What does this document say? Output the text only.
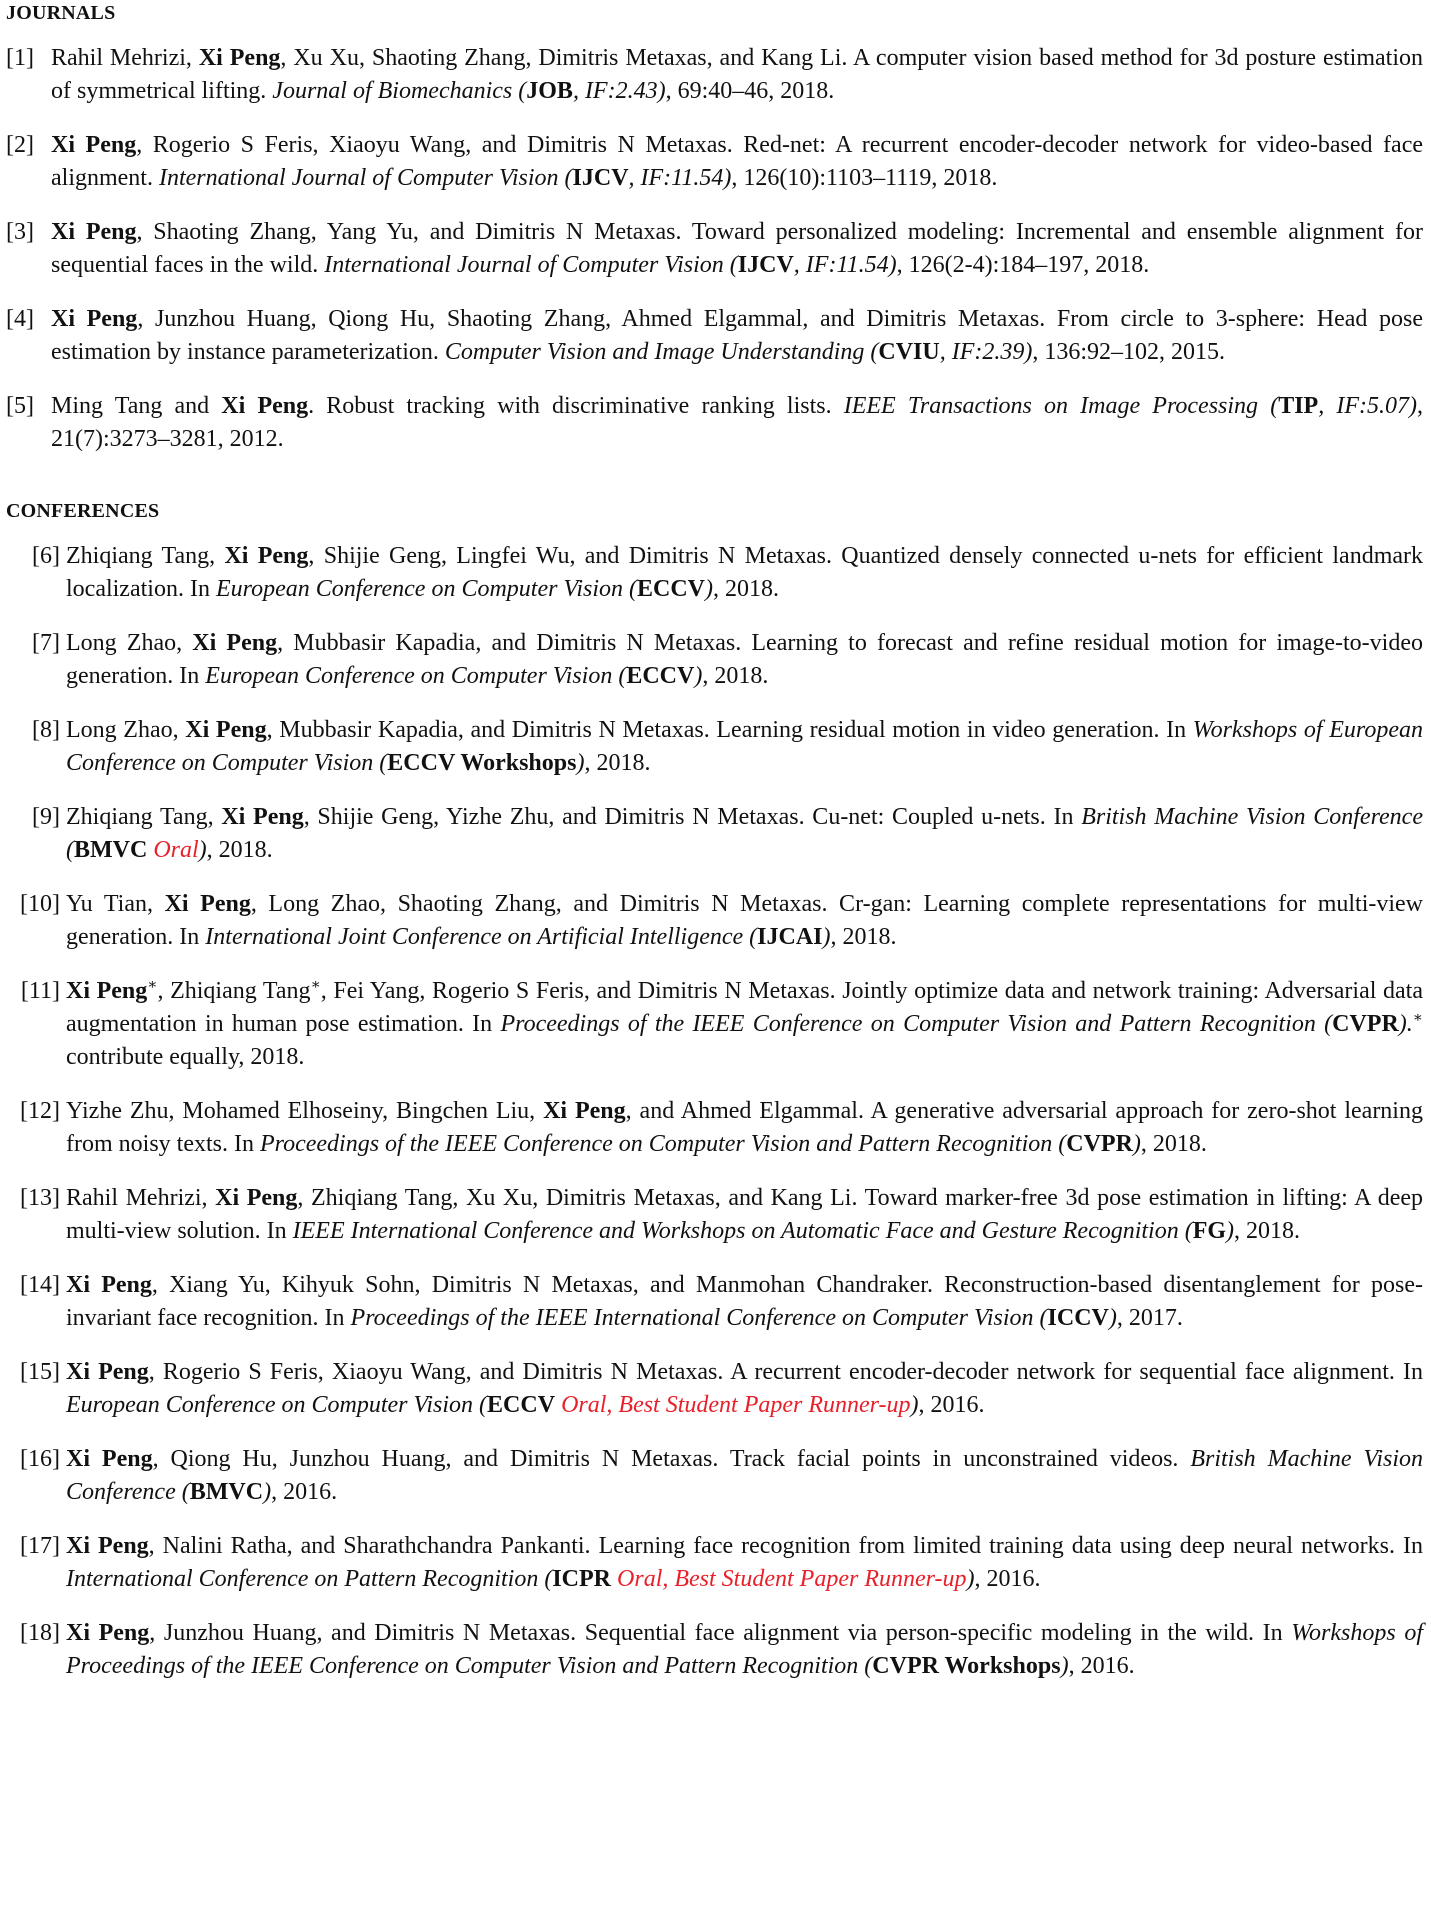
JOURNALS
[1] Rahil Mehrizi, Xi Peng, Xu Xu, Shaoting Zhang, Dimitris Metaxas, and Kang Li. A computer vision based method for 3d posture estimation of symmetrical lifting. Journal of Biomechanics (JOB, IF:2.43), 69:40–46, 2018.
[2] Xi Peng, Rogerio S Feris, Xiaoyu Wang, and Dimitris N Metaxas. Red-net: A recurrent encoder-decoder network for video-based face alignment. International Journal of Computer Vision (IJCV, IF:11.54), 126(10):1103–1119, 2018.
[3] Xi Peng, Shaoting Zhang, Yang Yu, and Dimitris N Metaxas. Toward personalized modeling: Incremental and ensemble alignment for sequential faces in the wild. International Journal of Computer Vision (IJCV, IF:11.54), 126(2-4):184–197, 2018.
[4] Xi Peng, Junzhou Huang, Qiong Hu, Shaoting Zhang, Ahmed Elgammal, and Dimitris Metaxas. From circle to 3-sphere: Head pose estimation by instance parameterization. Computer Vision and Image Understanding (CVIU, IF:2.39), 136:92–102, 2015.
[5] Ming Tang and Xi Peng. Robust tracking with discriminative ranking lists. IEEE Transactions on Image Processing (TIP, IF:5.07), 21(7):3273–3281, 2012.
CONFERENCES
[6] Zhiqiang Tang, Xi Peng, Shijie Geng, Lingfei Wu, and Dimitris N Metaxas. Quantized densely connected u-nets for efficient landmark localization. In European Conference on Computer Vision (ECCV), 2018.
[7] Long Zhao, Xi Peng, Mubbasir Kapadia, and Dimitris N Metaxas. Learning to forecast and refine residual motion for image-to-video generation. In European Conference on Computer Vision (ECCV), 2018.
[8] Long Zhao, Xi Peng, Mubbasir Kapadia, and Dimitris N Metaxas. Learning residual motion in video generation. In Workshops of European Conference on Computer Vision (ECCV Workshops), 2018.
[9] Zhiqiang Tang, Xi Peng, Shijie Geng, Yizhe Zhu, and Dimitris N Metaxas. Cu-net: Coupled u-nets. In British Machine Vision Conference (BMVC Oral), 2018.
[10] Yu Tian, Xi Peng, Long Zhao, Shaoting Zhang, and Dimitris N Metaxas. Cr-gan: Learning complete representations for multi-view generation. In International Joint Conference on Artificial Intelligence (IJCAI), 2018.
[11] Xi Peng∗, Zhiqiang Tang∗, Fei Yang, Rogerio S Feris, and Dimitris N Metaxas. Jointly optimize data and network training: Adversarial data augmentation in human pose estimation. In Proceedings of the IEEE Conference on Computer Vision and Pattern Recognition (CVPR).∗ contribute equally, 2018.
[12] Yizhe Zhu, Mohamed Elhoseiny, Bingchen Liu, Xi Peng, and Ahmed Elgammal. A generative adversarial approach for zero-shot learning from noisy texts. In Proceedings of the IEEE Conference on Computer Vision and Pattern Recognition (CVPR), 2018.
[13] Rahil Mehrizi, Xi Peng, Zhiqiang Tang, Xu Xu, Dimitris Metaxas, and Kang Li. Toward marker-free 3d pose estimation in lifting: A deep multi-view solution. In IEEE International Conference and Workshops on Automatic Face and Gesture Recognition (FG), 2018.
[14] Xi Peng, Xiang Yu, Kihyuk Sohn, Dimitris N Metaxas, and Manmohan Chandraker. Reconstruction-based disentanglement for pose-invariant face recognition. In Proceedings of the IEEE International Conference on Computer Vision (ICCV), 2017.
[15] Xi Peng, Rogerio S Feris, Xiaoyu Wang, and Dimitris N Metaxas. A recurrent encoder-decoder network for sequential face alignment. In European Conference on Computer Vision (ECCV Oral, Best Student Paper Runner-up), 2016.
[16] Xi Peng, Qiong Hu, Junzhou Huang, and Dimitris N Metaxas. Track facial points in unconstrained videos. British Machine Vision Conference (BMVC), 2016.
[17] Xi Peng, Nalini Ratha, and Sharathchandra Pankanti. Learning face recognition from limited training data using deep neural networks. In International Conference on Pattern Recognition (ICPR Oral, Best Student Paper Runner-up), 2016.
[18] Xi Peng, Junzhou Huang, and Dimitris N Metaxas. Sequential face alignment via person-specific modeling in the wild. In Workshops of Proceedings of the IEEE Conference on Computer Vision and Pattern Recognition (CVPR Workshops), 2016.
